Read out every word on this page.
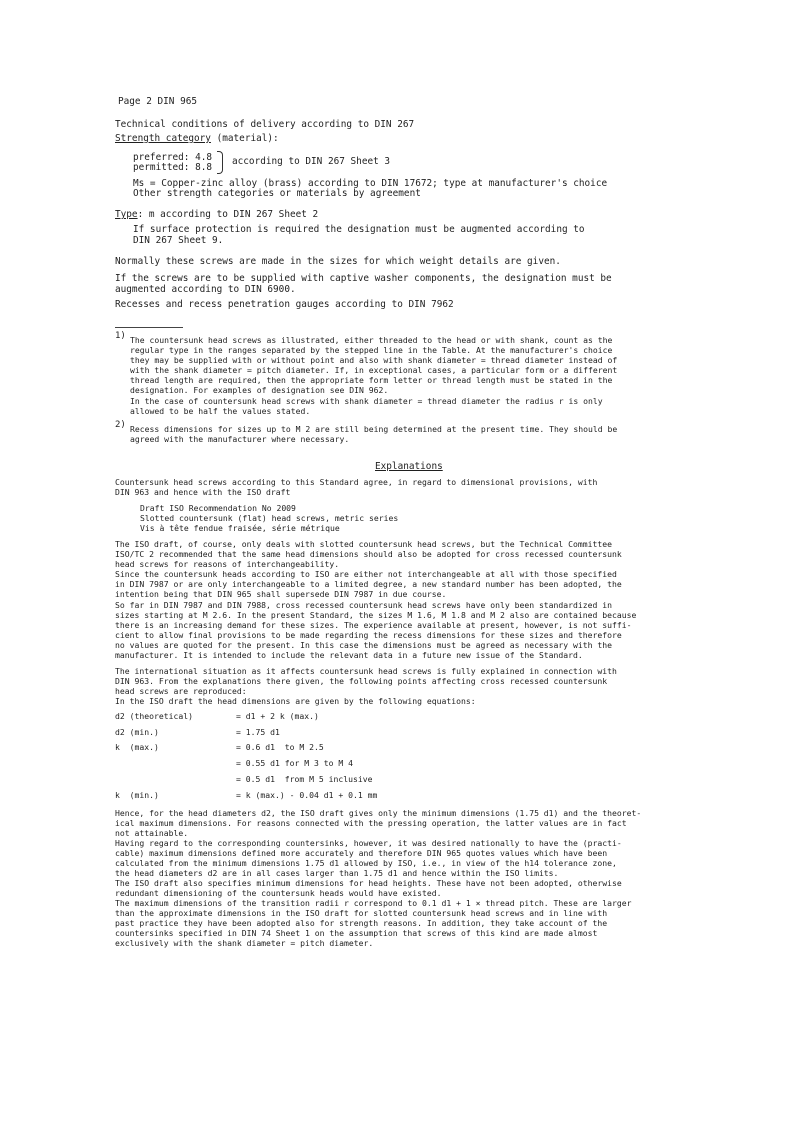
Page 2 DIN 965
Technical conditions of delivery according to DIN 267
Strength category (material):
preferred: 4.8
permitted: 8.8
according to DIN 267 Sheet 3
Ms = Copper-zinc alloy (brass) according to DIN 17672; type at manufacturer's choice
Other strength categories or materials by agreement
Type: m according to DIN 267 Sheet 2
If surface protection is required the designation must be augmented according to
DIN 267 Sheet 9.
Normally these screws are made in the sizes for which weight details are given.
If the screws are to be supplied with captive washer components, the designation must be
augmented according to DIN 6900.
Recesses and recess penetration gauges according to DIN 7962
1) The countersunk head screws as illustrated, either threaded to the head or with shank, count as the
regular type in the ranges separated by the stepped line in the Table. At the manufacturer's choice
they may be supplied with or without point and also with shank diameter = thread diameter instead of
with the shank diameter = pitch diameter. If, in exceptional cases, a particular form or a different
thread length are required, then the appropriate form letter or thread length must be stated in the
designation. For examples of designation see DIN 962.
In the case of countersunk head screws with shank diameter = thread diameter the radius r is only
allowed to be half the values stated.
2) Recess dimensions for sizes up to M 2 are still being determined at the present time. They should be
agreed with the manufacturer where necessary.
Explanations
Countersunk head screws according to this Standard agree, in regard to dimensional provisions, with
DIN 963 and hence with the ISO draft
Draft ISO Recommendation No 2009
Slotted countersunk (flat) head screws, metric series
Vis à tête fendue fraisée, série métrique
The ISO draft, of course, only deals with slotted countersunk head screws, but the Technical Committee
ISO/TC 2 recommended that the same head dimensions should also be adopted for cross recessed countersunk
head screws for reasons of interchangeability.
Since the countersunk heads according to ISO are either not interchangeable at all with those specified
in DIN 7987 or are only interchangeable to a limited degree, a new standard number has been adopted, the
intention being that DIN 965 shall supersede DIN 7987 in due course.
So far in DIN 7987 and DIN 7988, cross recessed countersunk head screws have only been standardized in
sizes starting at M 2.6. In the present Standard, the sizes M 1.6, M 1.8 and M 2 also are contained because
there is an increasing demand for these sizes. The experience available at present, however, is not suffi-
cient to allow final provisions to be made regarding the recess dimensions for these sizes and therefore
no values are quoted for the present. In this case the dimensions must be agreed as necessary with the
manufacturer. It is intended to include the relevant data in a future new issue of the Standard.
The international situation as it affects countersunk head screws is fully explained in connection with
DIN 963. From the explanations there given, the following points affecting cross recessed countersunk
head screws are reproduced:
In the ISO draft the head dimensions are given by the following equations:
d2 (theoretical)	= d1 + 2 k (max.)
d2 (min.)	= 1.75 d1
k  (max.)	= 0.6 d1  to M 2.5
= 0.55 d1 for M 3 to M 4
= 0.5 d1  from M 5 inclusive
k  (min.)	= k (max.) - 0.04 d1 + 0.1 mm
Hence, for the head diameters d2, the ISO draft gives only the minimum dimensions (1.75 d1) and the theoret-
ical maximum dimensions. For reasons connected with the pressing operation, the latter values are in fact
not attainable.
Having regard to the corresponding countersinks, however, it was desired nationally to have the (practi-
cable) maximum dimensions defined more accurately and therefore DIN 965 quotes values which have been
calculated from the minimum dimensions 1.75 d1 allowed by ISO, i.e., in view of the h14 tolerance zone,
the head diameters d2 are in all cases larger than 1.75 d1 and hence within the ISO limits.
The ISO draft also specifies minimum dimensions for head heights. These have not been adopted, otherwise
redundant dimensioning of the countersunk heads would have existed.
The maximum dimensions of the transition radii r correspond to 0.1 d1 + 1 × thread pitch. These are larger
than the approximate dimensions in the ISO draft for slotted countersunk head screws and in line with
past practice they have been adopted also for strength reasons. In addition, they take account of the
countersinks specified in DIN 74 Sheet 1 on the assumption that screws of this kind are made almost
exclusively with the shank diameter = pitch diameter.
